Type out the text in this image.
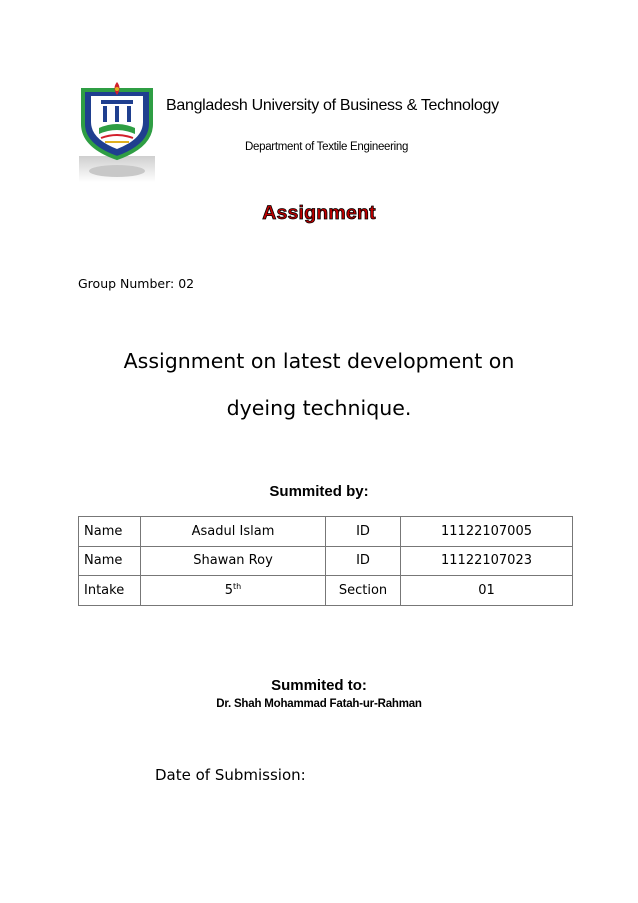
Bangladesh University of Business & Technology
Department of Textile Engineering
Assignment
Group Number: 02
Assignment on latest development on
dyeing technique.
Summited by:
Name	Asadul Islam	ID	11122107005
Name	Shawan Roy	ID	11122107023
Intake	5th	Section	01
Summited to:
Dr. Shah Mohammad Fatah-ur-Rahman
Date of Submission:
